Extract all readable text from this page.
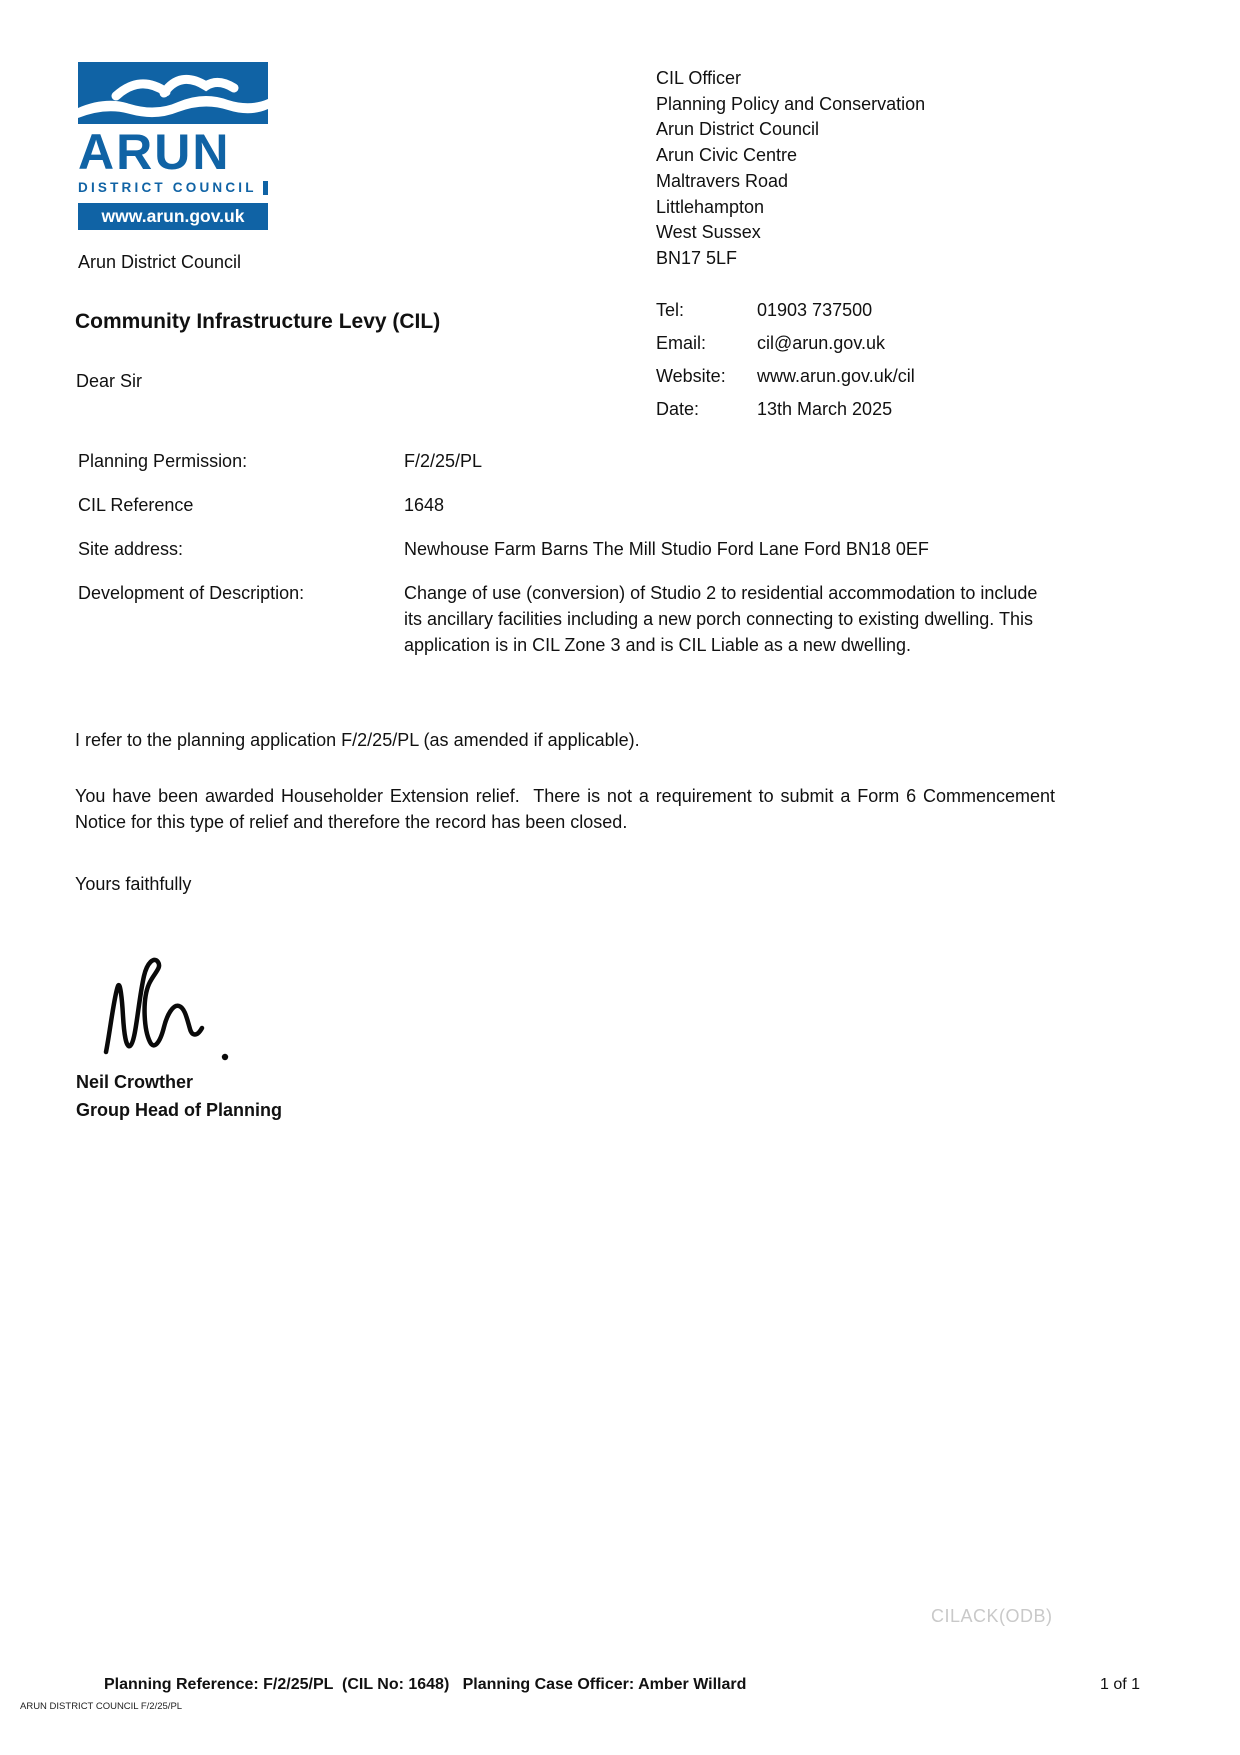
ARUN
DISTRICT COUNCIL
www.arun.gov.uk
Arun District Council
CIL Officer
Planning Policy and Conservation
Arun District Council
Arun Civic Centre
Maltravers Road
Littlehampton
West Sussex
BN17 5LF
Tel:	01903 737500
Email:	cil@arun.gov.uk
Website:	www.arun.gov.uk/cil
Date:	13th March 2025
Community Infrastructure Levy (CIL)
Dear Sir
Planning Permission:	F/2/25/PL
CIL Reference	1648
Site address:	Newhouse Farm Barns The Mill Studio Ford Lane Ford BN18 0EF
Development of Description:	Change of use (conversion) of Studio 2 to residential accommodation to include its ancillary facilities including a new porch connecting to existing dwelling. This application is in CIL Zone 3 and is CIL Liable as a new dwelling.

I refer to the planning application F/2/25/PL (as amended if applicable).

You have been awarded Householder Extension relief.  There is not a requirement to submit a Form 6 Commencement Notice for this type of relief and therefore the record has been closed.

Yours faithfully

Neil Crowther
Group Head of Planning
CILACK(ODB)
Planning Reference: F/2/25/PL  (CIL No: 1648)   Planning Case Officer: Amber Willard	1 of 1
ARUN DISTRICT COUNCIL F/2/25/PL
